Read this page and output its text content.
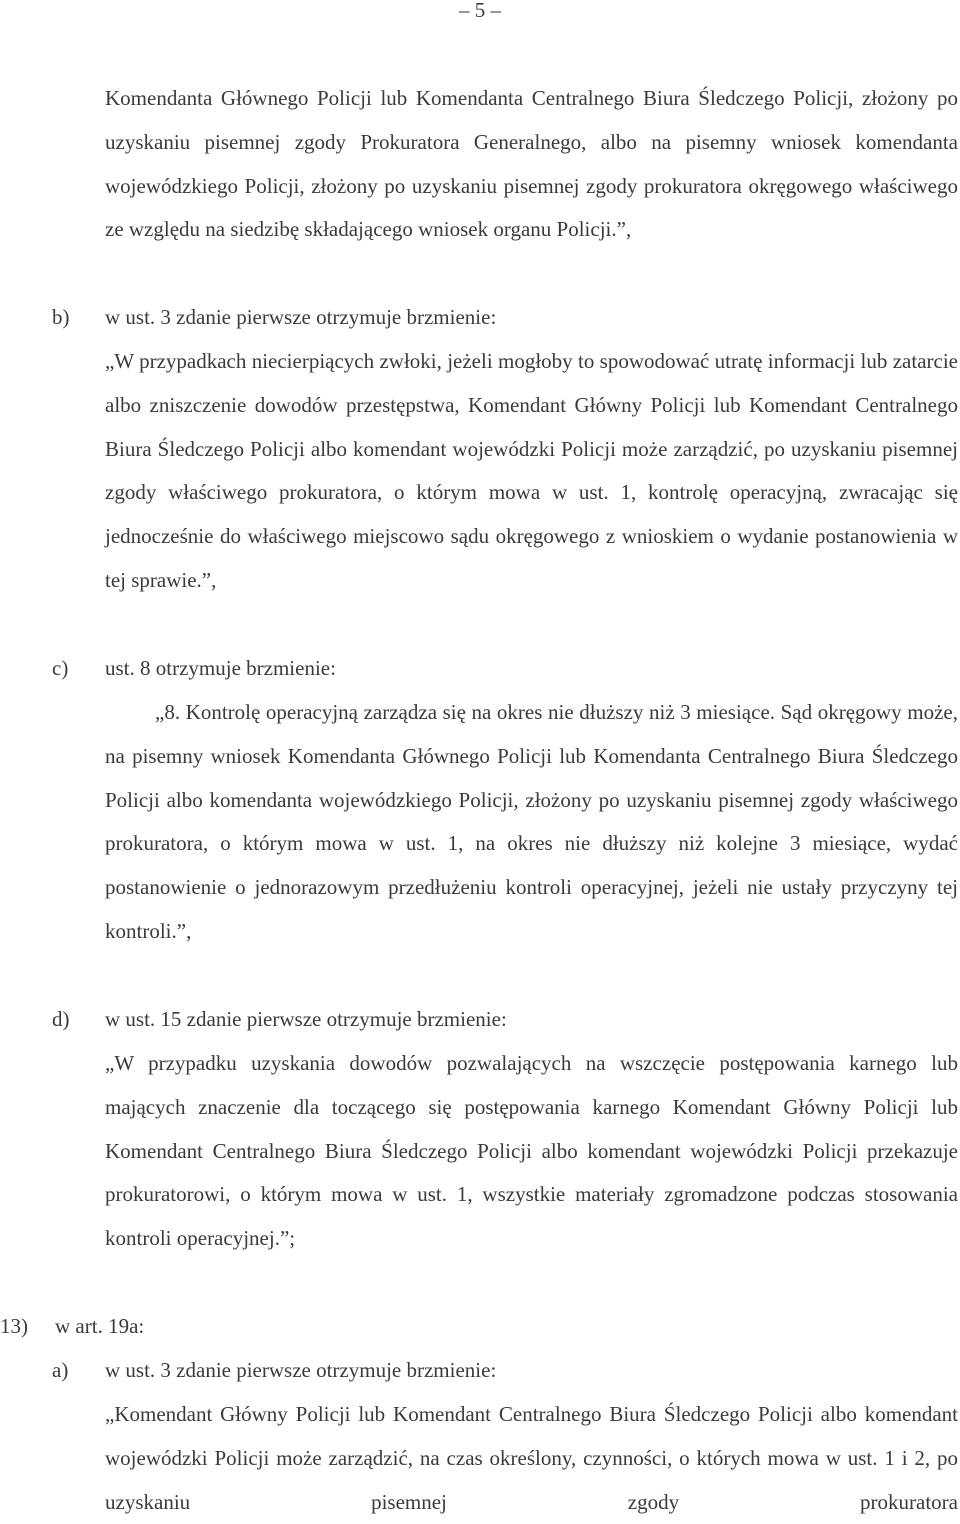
– 5 –
Komendanta Głównego Policji lub Komendanta Centralnego Biura Śledczego Policji, złożony po uzyskaniu pisemnej zgody Prokuratora Generalnego, albo na pisemny wniosek komendanta wojewódzkiego Policji, złożony po uzyskaniu pisemnej zgody prokuratora okręgowego właściwego ze względu na siedzibę składającego wniosek organu Policji.”,
b) w ust. 3 zdanie pierwsze otrzymuje brzmienie:
„W przypadkach niecierpiących zwłoki, jeżeli mogłoby to spowodować utratę informacji lub zatarcie albo zniszczenie dowodów przestępstwa, Komendant Główny Policji lub Komendant Centralnego Biura Śledczego Policji albo komendant wojewódzki Policji może zarządzić, po uzyskaniu pisemnej zgody właściwego prokuratora, o którym mowa w ust. 1, kontrolę operacyjną, zwracając się jednocześnie do właściwego miejscowo sądu okręgowego z wnioskiem o wydanie postanowienia w tej sprawie.”,
c) ust. 8 otrzymuje brzmienie:
„8. Kontrolę operacyjną zarządza się na okres nie dłuższy niż 3 miesiące. Sąd okręgowy może, na pisemny wniosek Komendanta Głównego Policji lub Komendanta Centralnego Biura Śledczego Policji albo komendanta wojewódzkiego Policji, złożony po uzyskaniu pisemnej zgody właściwego prokuratora, o którym mowa w ust. 1, na okres nie dłuższy niż kolejne 3 miesiące, wydać postanowienie o jednorazowym przedłużeniu kontroli operacyjnej, jeżeli nie ustały przyczyny tej kontroli.”,
d) w ust. 15 zdanie pierwsze otrzymuje brzmienie:
„W przypadku uzyskania dowodów pozwalających na wszczęcie postępowania karnego lub mających znaczenie dla toczącego się postępowania karnego Komendant Główny Policji lub Komendant Centralnego Biura Śledczego Policji albo komendant wojewódzki Policji przekazuje prokuratorowi, o którym mowa w ust. 1, wszystkie materiały zgromadzone podczas stosowania kontroli operacyjnej.”;
13) w art. 19a:
a) w ust. 3 zdanie pierwsze otrzymuje brzmienie:
„Komendant Główny Policji lub Komendant Centralnego Biura Śledczego Policji albo komendant wojewódzki Policji może zarządzić, na czas określony, czynności, o których mowa w ust. 1 i 2, po uzyskaniu pisemnej zgody prokuratora
